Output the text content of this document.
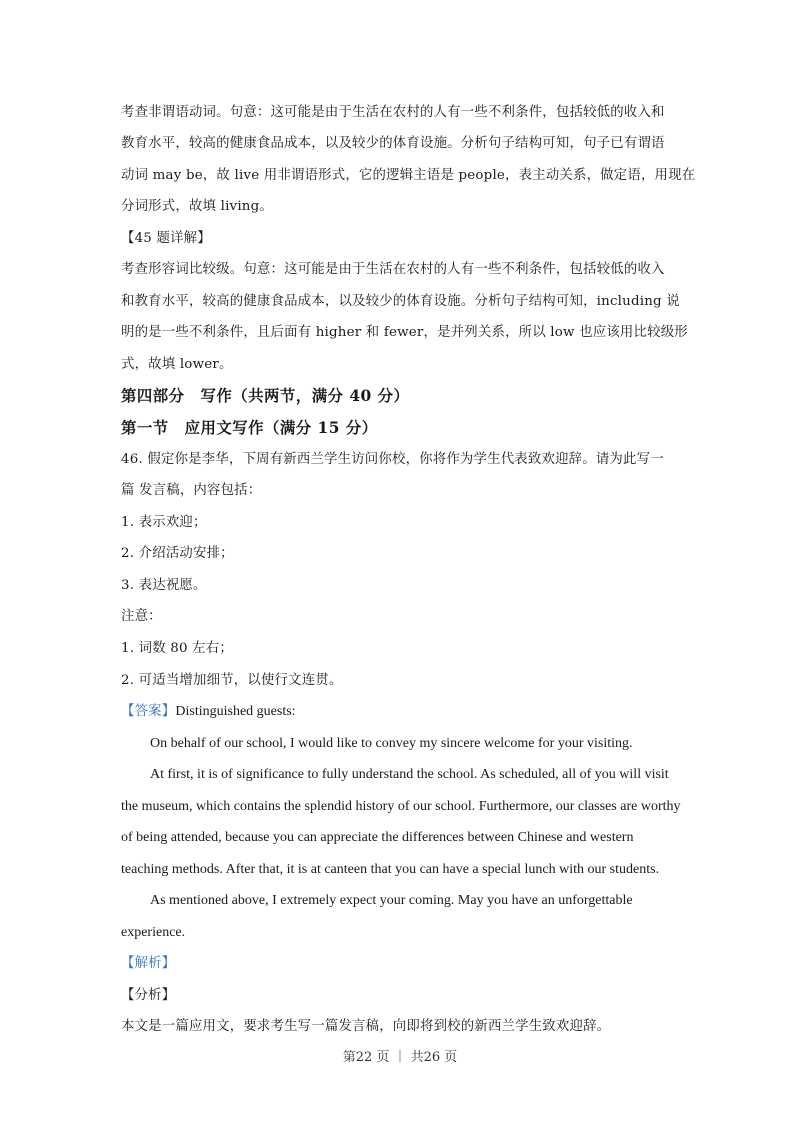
考查非谓语动词。句意：这可能是由于生活在农村的人有一些不利条件，包括较低的收入和
教育水平，较高的健康食品成本，以及较少的体育设施。分析句子结构可知，句子已有谓语
动词 may be，故 live 用非谓语形式，它的逻辑主语是 people，表主动关系，做定语，用现在
分词形式，故填 living。
【45 题详解】
考查形容词比较级。句意：这可能是由于生活在农村的人有一些不利条件，包括较低的收入
和教育水平，较高的健康食品成本，以及较少的体育设施。分析句子结构可知，including 说
明的是一些不利条件，且后面有 higher 和 fewer，是并列关系，所以 low 也应该用比较级形
式，故填 lower。
第四部分　写作（共两节，满分 40 分）
第一节　应用文写作（满分 15 分）
46. 假定你是李华，下周有新西兰学生访问你校，你将作为学生代表致欢迎辞。请为此写一
篇 发言稿，内容包括：
1. 表示欢迎；
2. 介绍活动安排；
3. 表达祝愿。
注意：
1. 词数 80 左右；
2. 可适当增加细节，以使行文连贯。
【答案】Distinguished guests:
On behalf of our school, I would like to convey my sincere welcome for your visiting.
At first, it is of significance to fully understand the school. As scheduled, all of you will visit
the museum, which contains the splendid history of our school. Furthermore, our classes are worthy
of being attended, because you can appreciate the differences between Chinese and western
teaching methods. After that, it is at canteen that you can have a special lunch with our students.
As mentioned above, I extremely expect your coming. May you have an unforgettable
experience.
【解析】
【分析】
本文是一篇应用文，要求考生写一篇发言稿，向即将到校的新西兰学生致欢迎辞。
第22 页 ｜ 共26 页
